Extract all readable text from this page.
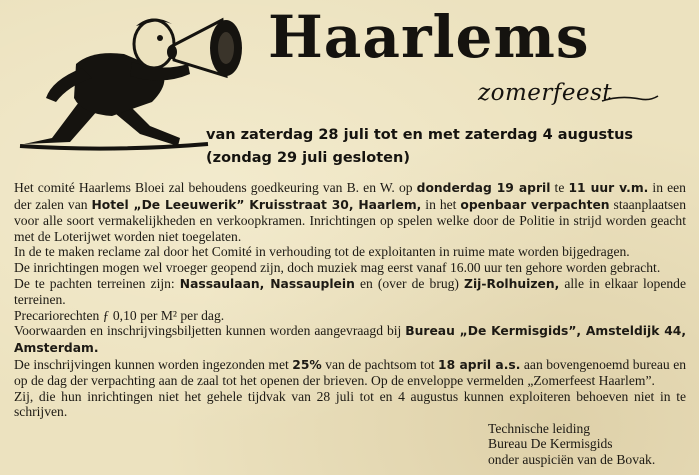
Haarlems
zomerfeest
van zaterdag 28 juli tot en met zaterdag 4 augustus
(zondag 29 juli gesloten)

Het comité Haarlems Bloei zal behoudens goedkeuring van B. en W. op donderdag 19 april te 11 uur v.m. in een der zalen van Hotel „De Leeuwerik” Kruisstraat 30, Haarlem, in het openbaar verpachten staanplaatsen voor alle soort vermakelijkheden en verkoopkramen. Inrichtingen op spelen welke door de Politie in strijd worden geacht met de Loterijwet worden niet toegelaten.

In de te maken reclame zal door het Comité in verhouding tot de exploitanten in ruime mate worden bijgedragen.

De inrichtingen mogen wel vroeger geopend zijn, doch muziek mag eerst vanaf 16.00 uur ten gehore worden gebracht.

De te pachten terreinen zijn: Nassaulaan, Nassauplein en (over de brug) Zij-Rolhuizen, alle in elkaar lopende terreinen.

Precariorechten ƒ 0,10 per M² per dag.

Voorwaarden en inschrijvingsbiljetten kunnen worden aangevraagd bij Bureau „De Kermisgids”, Amsteldijk 44, Amsterdam.

De inschrijvingen kunnen worden ingezonden met 25% van de pachtsom tot 18 april a.s. aan bovengenoemd bureau en op de dag der verpachting aan de zaal tot het openen der brieven. Op de enveloppe vermelden „Zomerfeest Haarlem”.

Zij, die hun inrichtingen niet het gehele tijdvak van 28 juli tot en 4 augustus kunnen exploiteren behoeven niet in te schrijven.

Technische leiding
Bureau De Kermisgids
onder auspiciën van de Bovak.
